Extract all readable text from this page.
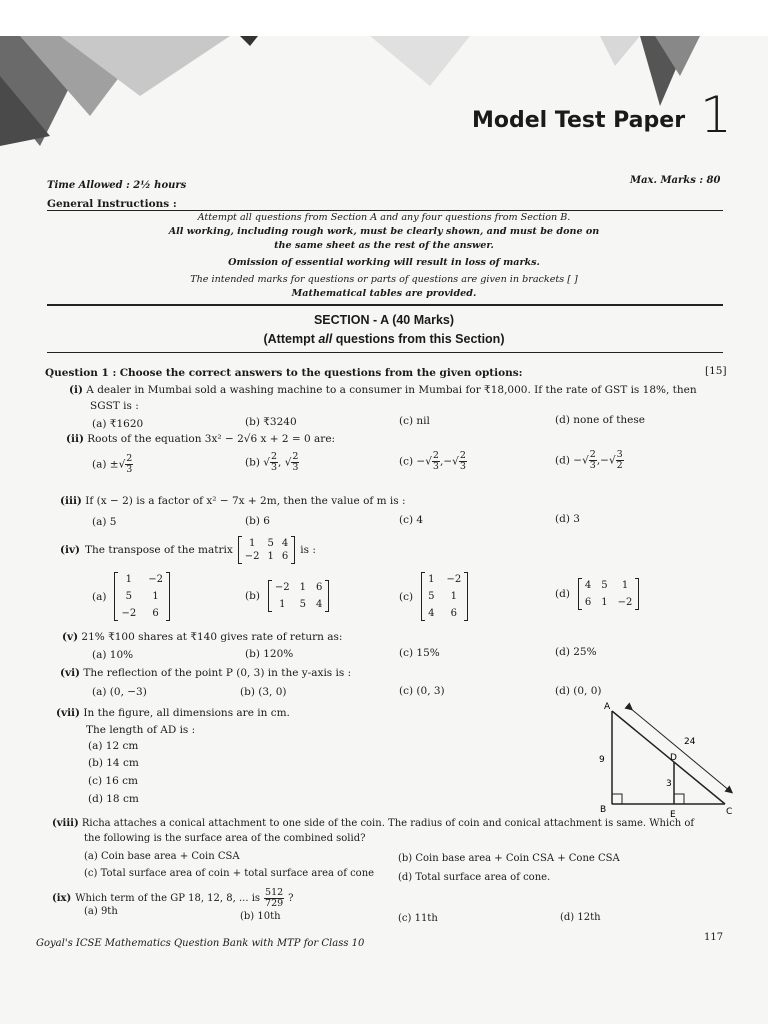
Model Test Paper 1
Time Allowed : 2½ hours	Max. Marks : 80
General Instructions :
Attempt all questions from Section A and any four questions from Section B.
All working, including rough work, must be clearly shown, and must be done on
the same sheet as the rest of the answer.
Omission of essential working will result in loss of marks.
The intended marks for questions or parts of questions are given in brackets [ ]
Mathematical tables are provided.
SECTION - A (40 Marks)
(Attempt all questions from this Section)
Question 1 : Choose the correct answers to the questions from the given options:	[15]
(i) A dealer in Mumbai sold a washing machine to a consumer in Mumbai for ₹18,000. If the rate of GST is 18%, then
SGST is :
(a) ₹1620	(b) ₹3240	(c) nil	(d) none of these
(ii) Roots of the equation 3x² − 2√6 x + 2 = 0 are:
(a) ±√ $\frac{2}{3}$	(b) √ $\frac{2}{3}$ , √ $\frac{2}{3}$	(c) −√ $\frac{2}{3}$ ,−√ $\frac{2}{3}$	(d) −√ $\frac{2}{3}$ ,−√ $\frac{3}{2}$
(iii) If (x − 2) is a factor of x² − 7x + 2m, then the value of m is :
(a) 5	(b) 6	(c) 4	(d) 3
(iv) The transpose of the matrix
1	5 4
−2 1 6
is :
(a)
1	−2
5	1
−2	6
(b)
−2 1 6
1	5 4
(c)
1 −2
5	1
4	6
(d)
4 5	1
6 1 −2
(v) 21% ₹100 shares at ₹140 gives rate of return as:
(a) 10%	(b) 120%	(c) 15%	(d) 25%
(vi) The reflection of the point P (0, 3) in the y-axis is :
(a) (0, −3)	(b) (3, 0)	(c) (0, 3)	(d) (0, 0)
(vii) In the figure, all dimensions are in cm.
The length of AD is :
(a) 12 cm
(b) 14 cm
(c) 16 cm
(d) 18 cm
A
B	C
D
E
9
24
3
(viii) Richa attaches a conical attachment to one side of the coin. The radius of coin and conical attachment is same. Which of
the following is the surface area of the combined solid?
(a) Coin base area + Coin CSA	(b) Coin base area + Coin CSA + Cone CSA
(c) Total surface area of coin + total surface area of cone (d) Total surface area of cone.
(ix) Which term of the GP 18, 12, 8, ... is $\frac{512}{729}$ ?
(a) 9th	(b) 10th	(c) 11th	(d) 12th
Goyal's ICSE Mathematics Question Bank with MTP for Class 10
117
